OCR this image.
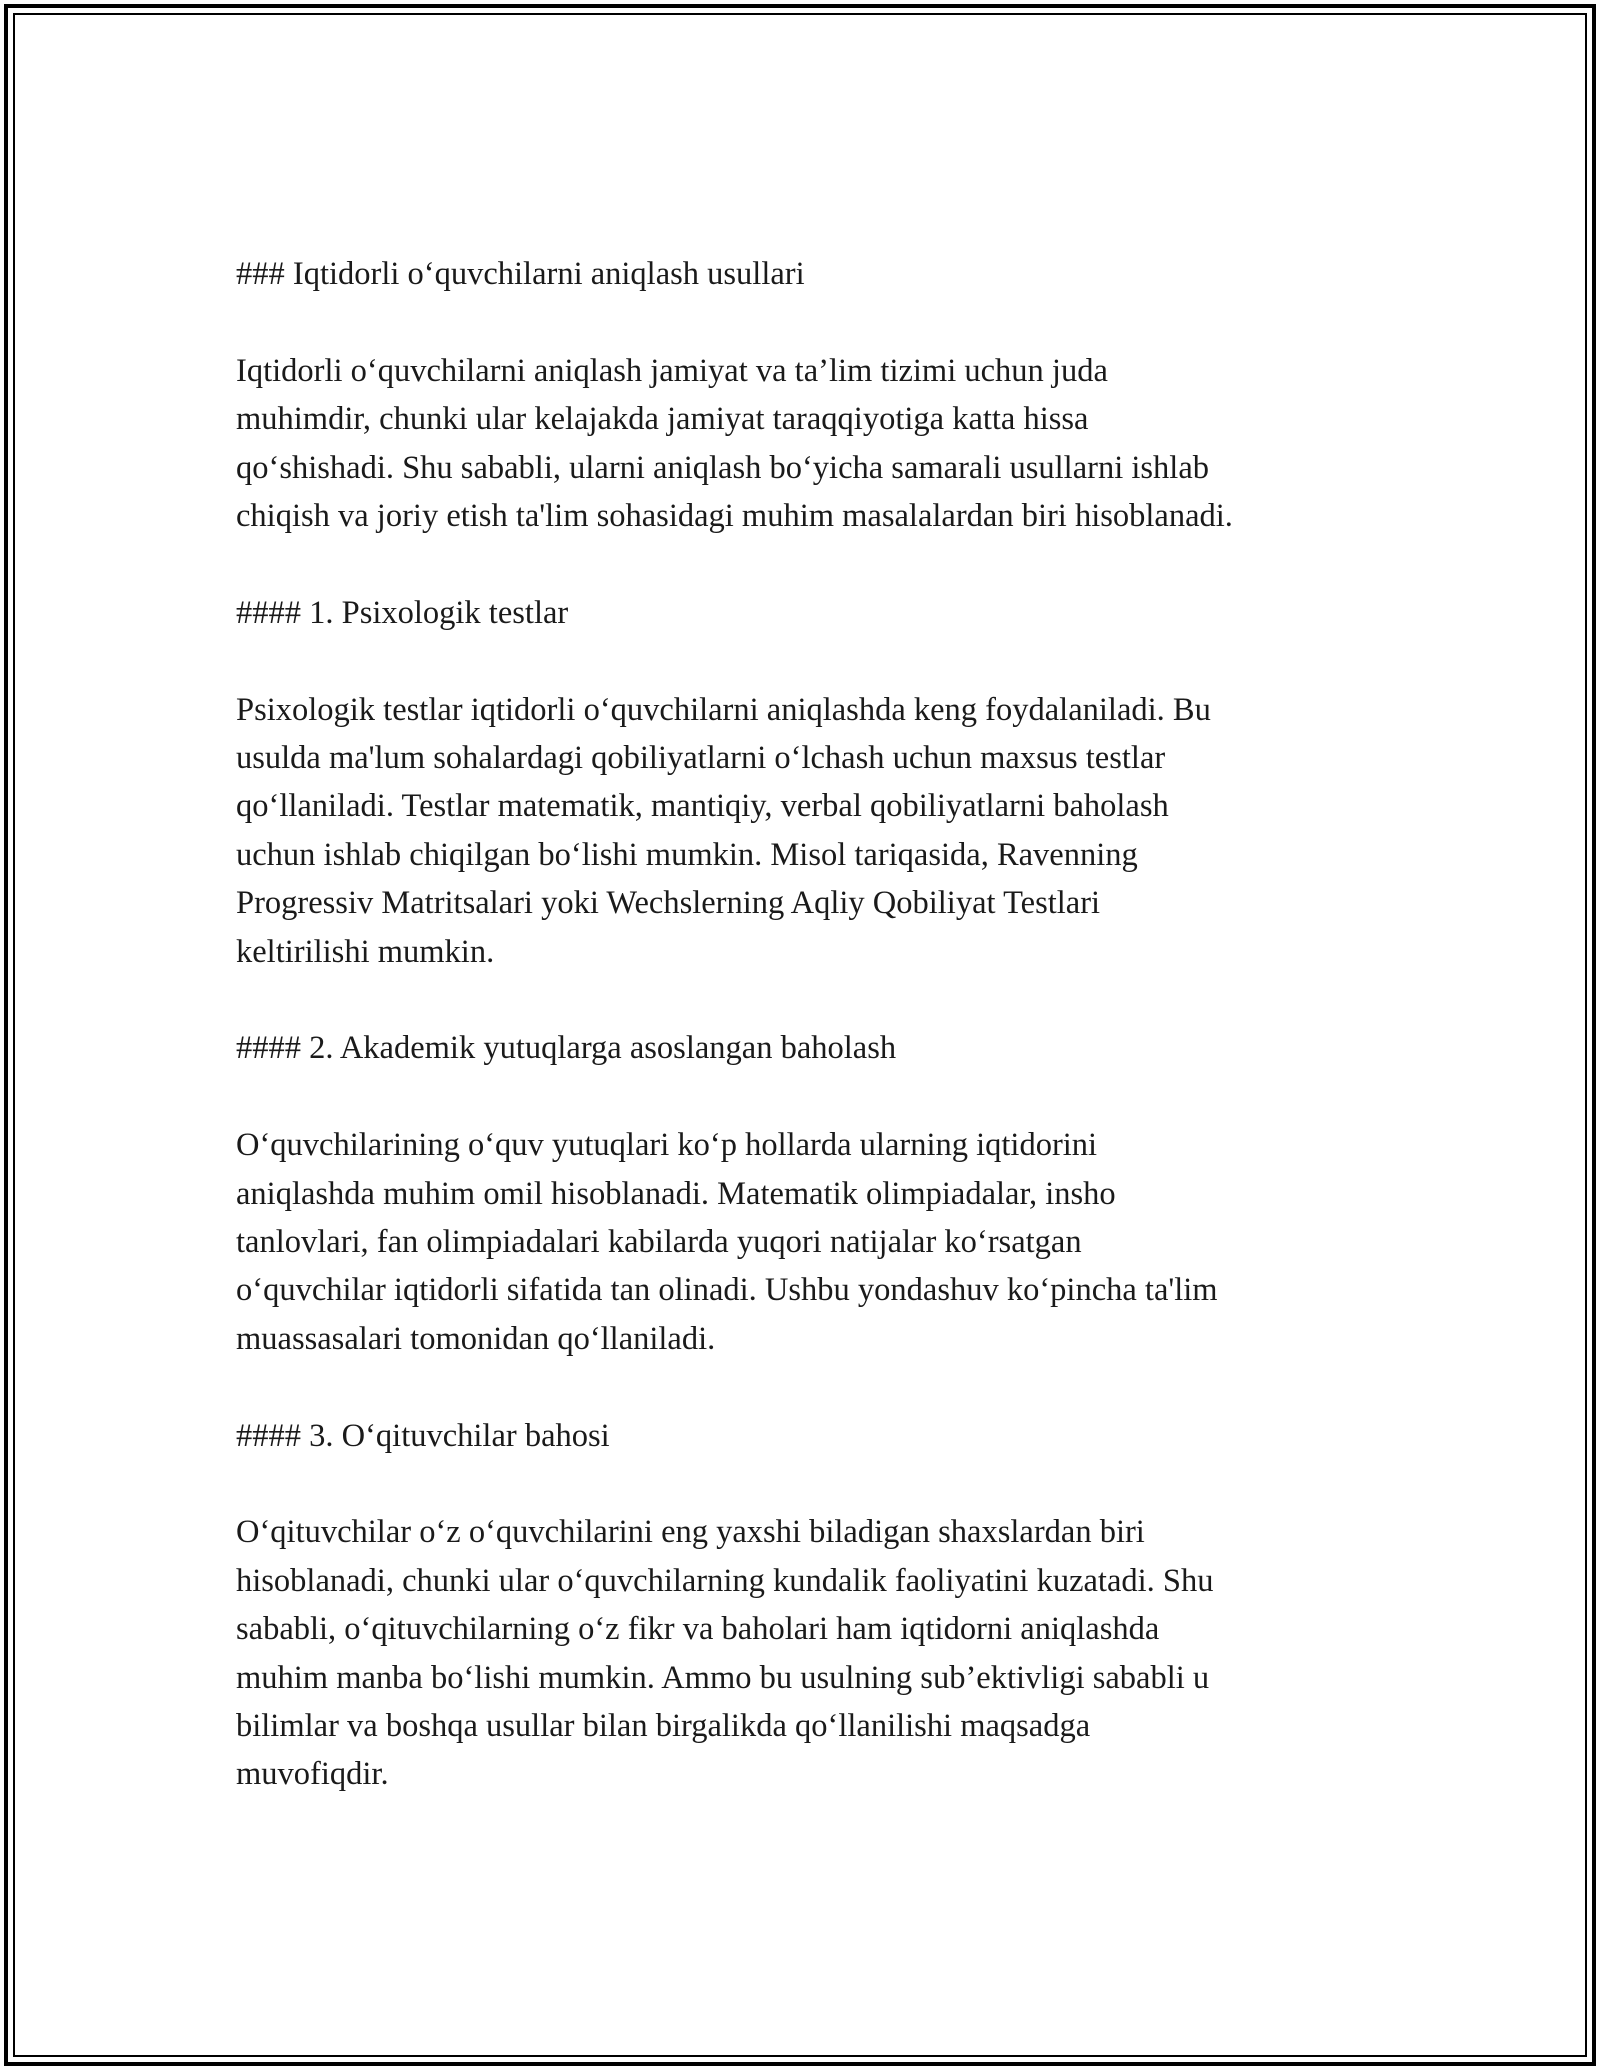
### Iqtidorli o‘quvchilarni aniqlash usullari

Iqtidorli o‘quvchilarni aniqlash jamiyat va ta’lim tizimi uchun juda
muhimdir, chunki ular kelajakda jamiyat taraqqiyotiga katta hissa
qo‘shishadi. Shu sababli, ularni aniqlash bo‘yicha samarali usullarni ishlab
chiqish va joriy etish ta'lim sohasidagi muhim masalalardan biri hisoblanadi.

#### 1. Psixologik testlar

Psixologik testlar iqtidorli o‘quvchilarni aniqlashda keng foydalaniladi. Bu
usulda ma'lum sohalardagi qobiliyatlarni o‘lchash uchun maxsus testlar
qo‘llaniladi. Testlar matematik, mantiqiy, verbal qobiliyatlarni baholash
uchun ishlab chiqilgan bo‘lishi mumkin. Misol tariqasida, Ravenning
Progressiv Matritsalari yoki Wechslerning Aqliy Qobiliyat Testlari
keltirilishi mumkin.

#### 2. Akademik yutuqlarga asoslangan baholash

O‘quvchilarining o‘quv yutuqlari ko‘p hollarda ularning iqtidorini
aniqlashda muhim omil hisoblanadi. Matematik olimpiadalar, insho
tanlovlari, fan olimpiadalari kabilarda yuqori natijalar ko‘rsatgan
o‘quvchilar iqtidorli sifatida tan olinadi. Ushbu yondashuv ko‘pincha ta'lim
muassasalari tomonidan qo‘llaniladi.

#### 3. O‘qituvchilar bahosi

O‘qituvchilar o‘z o‘quvchilarini eng yaxshi biladigan shaxslardan biri
hisoblanadi, chunki ular o‘quvchilarning kundalik faoliyatini kuzatadi. Shu
sababli, o‘qituvchilarning o‘z fikr va baholari ham iqtidorni aniqlashda
muhim manba bo‘lishi mumkin. Ammo bu usulning sub’ektivligi sababli u
bilimlar va boshqa usullar bilan birgalikda qo‘llanilishi maqsadga
muvofiqdir.
